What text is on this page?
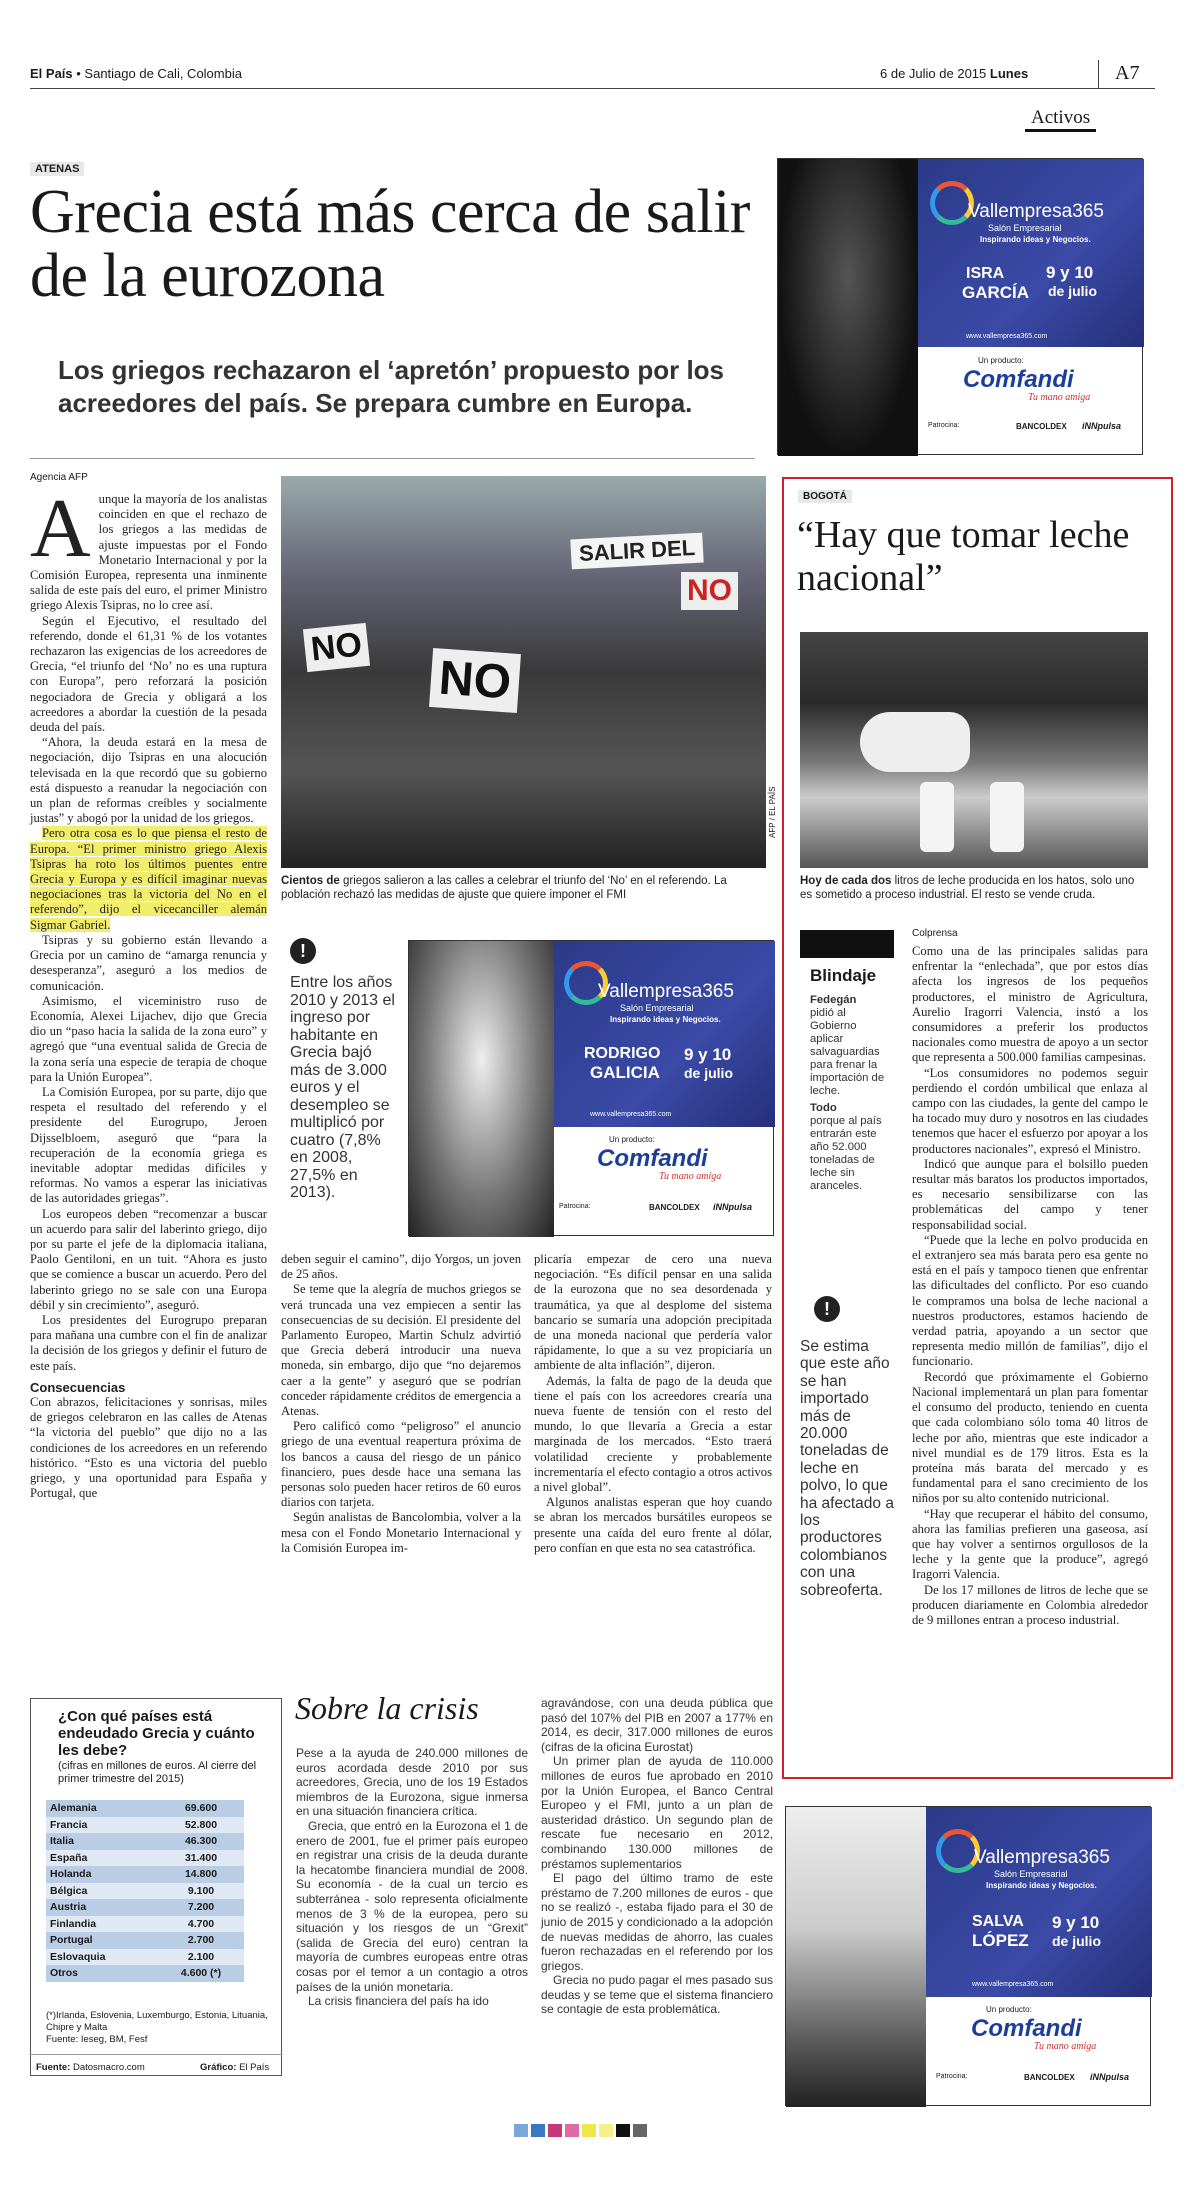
El País • Santiago de Cali, Colombia	6 de Julio de 2015 Lunes	A7
Activos
ATENAS
Grecia está más cerca de salir de la eurozona
Los griegos rechazaron el ‘apretón’ propuesto por los acreedores del país. Se prepara cumbre en Europa.
Vallempresa365
Salón Empresarial
Inspirando ideas y Negocios.
ISRA
GARCÍA
9 y 10
de julio
www.vallempresa365.com
Un producto:
Comfandi
Tu mano amiga
Patrocina:	BANCOLDEX iNNpulsa
Agencia AFP
A unque la mayoría de los analistas coinciden en que el rechazo de los griegos a las medidas de ajuste impuestas por el Fondo Monetario Internacional y por la Comisión Europea, representa una inminente salida de este país del euro, el primer Ministro griego Alexis Tsipras, no lo cree así.

Según el Ejecutivo, el resultado del referendo, donde el 61,31 % de los votantes rechazaron las exigencias de los acreedores de Grecia, “el triunfo del ‘No’ no es una ruptura con Europa”, pero reforzará la posición negociadora de Grecia y obligará a los acreedores a abordar la cuestión de la pesada deuda del país.

“Ahora, la deuda estará en la mesa de negociación, dijo Tsipras en una alocución televisada en la que recordó que su gobierno está dispuesto a reanudar la negociación con un plan de reformas creíbles y socialmente justas” y abogó por la unidad de los griegos.

Pero otra cosa es lo que piensa el resto de Europa. “El primer ministro griego Alexis Tsipras ha roto los últimos puentes entre Grecia y Europa y es difícil imaginar nuevas negociaciones tras la victoria del No en el referendo”, dijo el vicecanciller alemán Sigmar Gabriel.

Tsipras y su gobierno están llevando a Grecia por un camino de “amarga renuncia y desesperanza”, aseguró a los medios de comunicación.

Asimismo, el viceministro ruso de Economía, Alexei Lijachev, dijo que Grecia dio un “paso hacia la salida de la zona euro” y agregó que “una eventual salida de Grecia de la zona sería una especie de terapia de choque para la Unión Europea”.

La Comisión Europea, por su parte, dijo que respeta el resultado del referendo y el presidente del Eurogrupo, Jeroen Dijsselbloem, aseguró que “para la recuperación de la economía griega es inevitable adoptar medidas difíciles y reformas. No vamos a esperar las iniciativas de las autoridades griegas”.

Los europeos deben “recomenzar a buscar un acuerdo para salir del laberinto griego, dijo por su parte el jefe de la diplomacia italiana, Paolo Gentiloni, en un tuit. “Ahora es justo que se comience a buscar un acuerdo. Pero del laberinto griego no se sale con una Europa débil y sin crecimiento”, aseguró.

Los presidentes del Eurogrupo preparan para mañana una cumbre con el fin de analizar la decisión de los griegos y definir el futuro de este país.

Consecuencias

Con abrazos, felicitaciones y sonrisas, miles de griegos celebraron en las calles de Atenas “la victoria del pueblo” que dijo no a las condiciones de los acreedores en un referendo histórico. “Esto es una victoria del pueblo griego, y una oportunidad para España y Portugal, que

NO
NO
NO
SALIR DEL
AFP / EL PAÍS
Cientos de griegos salieron a las calles a celebrar el triunfo del ‘No’ en el referendo. La población rechazó las medidas de ajuste que quiere imponer el FMI
!
Entre los años 2010 y 2013 el ingreso por habitante en Grecia bajó más de 3.000 euros y el desempleo se multiplicó por cuatro (7,8% en 2008, 27,5% en 2013).
Vallempresa365
Salón Empresarial
Inspirando ideas y Negocios.
RODRIGO
GALICIA
9 y 10
de julio
www.vallempresa365.com
Un producto:
Comfandi
Tu mano amiga
Patrocina:	BANCOLDEX iNNpulsa

deben seguir el camino”, dijo Yorgos, un joven de 25 años.

Se teme que la alegría de muchos griegos se verá truncada una vez empiecen a sentir las consecuencias de su decisión. El presidente del Parlamento Europeo, Martin Schulz advirtió que Grecia deberá introducir una nueva moneda, sin embargo, dijo que “no dejaremos caer a la gente” y aseguró que se podrían conceder rápidamente créditos de emergencia a Atenas.

Pero calificó como “peligroso” el anuncio griego de una eventual reapertura próxima de los bancos a causa del riesgo de un pánico financiero, pues desde hace una semana las personas solo pueden hacer retiros de 60 euros diarios con tarjeta.

Según analistas de Bancolombia, volver a la mesa con el Fondo Monetario Internacional y la Comisión Europea im-

plicaría empezar de cero una nueva negociación. “Es difícil pensar en una salida de la eurozona que no sea desordenada y traumática, ya que al desplome del sistema bancario se sumaría una adopción precipitada de una moneda nacional que perdería valor rápidamente, lo que a su vez propiciaría un ambiente de alta inflación”, dijeron.

Además, la falta de pago de la deuda que tiene el país con los acreedores crearía una nueva fuente de tensión con el resto del mundo, lo que llevaría a Grecia a estar marginada de los mercados. “Esto traerá volatilidad creciente y probablemente incrementaría el efecto contagio a otros activos a nivel global”.

Algunos analistas esperan que hoy cuando se abran los mercados bursátiles europeos se presente una caída del euro frente al dólar, pero confían en que esta no sea catastrófica.

BOGOTÁ
“Hay que tomar leche nacional”
Hoy de cada dos litros de leche producida en los hatos, solo uno es sometido a proceso industrial. El resto se vende cruda.
Blindaje
Fedegán
pidió al Gobierno aplicar salvaguardias para frenar la importación de leche.
Todo
porque al país entrarán este año 52.000 toneladas de leche sin aranceles.
!
Se estima que este año se han importado más de 20.000 toneladas de leche en polvo, lo que ha afectado a los productores colombianos con una sobreoferta.
Colprensa

Como una de las principales salidas para enfrentar la “enlechada”, que por estos días afecta los ingresos de los pequeños productores, el ministro de Agricultura, Aurelio Iragorri Valencia, instó a los consumidores a preferir los productos nacionales como muestra de apoyo a un sector que representa a 500.000 familias campesinas.

“Los consumidores no podemos seguir perdiendo el cordón umbilical que enlaza al campo con las ciudades, la gente del campo le ha tocado muy duro y nosotros en las ciudades tenemos que hacer el esfuerzo por apoyar a los productores nacionales”, expresó el Ministro.

Indicó que aunque para el bolsillo pueden resultar más baratos los productos importados, es necesario sensibilizarse con las problemáticas del campo y tener responsabilidad social.

“Puede que la leche en polvo producida en el extranjero sea más barata pero esa gente no está en el país y tampoco tienen que enfrentar las dificultades del conflicto. Por eso cuando le compramos una bolsa de leche nacional a nuestros productores, estamos haciendo de verdad patria, apoyando a un sector que representa medio millón de familias”, dijo el funcionario.

Recordó que próximamente el Gobierno Nacional implementará un plan para fomentar el consumo del producto, teniendo en cuenta que cada colombiano sólo toma 40 litros de leche por año, mientras que este indicador a nivel mundial es de 179 litros. Esta es la proteína más barata del mercado y es fundamental para el sano crecimiento de los niños por su alto contenido nutricional.

“Hay que recuperar el hábito del consumo, ahora las familias prefieren una gaseosa, así que hay volver a sentirnos orgullosos de la leche y la gente que la produce”, agregó Iragorri Valencia.

De los 17 millones de litros de leche que se producen diariamente en Colombia alrededor de 9 millones entran a proceso industrial.

¿Con qué países está endeudado Grecia y cuánto les debe?
(cifras en millones de euros. Al cierre del primer trimestre del 2015)
Alemania	69.600
Francia	52.800
Italia	46.300
España	31.400
Holanda	14.800
Bélgica	9.100
Austria	7.200
Finlandia	4.700
Portugal	2.700
Eslovaquia	2.100
Otros	4.600 (*)
(*)Irlanda, Eslovenia, Luxemburgo, Estonia, Lituania, Chipre y Malta
Fuente: Ieseg, BM, Fesf
Fuente: Datosmacro.com	Gráfico: El País
Sobre la crisis

Pese a la ayuda de 240.000 millones de euros acordada desde 2010 por sus acreedores, Grecia, uno de los 19 Estados miembros de la Eurozona, sigue inmersa en una situación financiera crítica.

Grecia, que entró en la Eurozona el 1 de enero de 2001, fue el primer país europeo en registrar una crisis de la deuda durante la hecatombe financiera mundial de 2008. Su economía - de la cual un tercio es subterránea - solo representa oficialmente menos de 3 % de la europea, pero su situación y los riesgos de un “Grexit” (salida de Grecia del euro) centran la mayoría de cumbres europeas entre otras cosas por el temor a un contagio a otros países de la unión monetaria.

La crisis financiera del país ha ido

agravándose, con una deuda pública que pasó del 107% del PIB en 2007 a 177% en 2014, es decir, 317.000 millones de euros (cifras de la oficina Eurostat)

Un primer plan de ayuda de 110.000 millones de euros fue aprobado en 2010 por la Unión Europea, el Banco Central Europeo y el FMI, junto a un plan de austeridad drástico. Un segundo plan de rescate fue necesario en 2012, combinando 130.000 millones de préstamos suplementarios

El pago del último tramo de este préstamo de 7.200 millones de euros - que no se realizó -, estaba fijado para el 30 de junio de 2015 y condicionado a la adopción de nuevas medidas de ahorro, las cuales fueron rechazadas en el referendo por los griegos.

Grecia no pudo pagar el mes pasado sus deudas y se teme que el sistema financiero se contagie de esta problemática.

Vallempresa365
Salón Empresarial
Inspirando ideas y Negocios.
SALVA
LÓPEZ
9 y 10
de julio
www.vallempresa365.com
Un producto:
Comfandi
Tu mano amiga
Patrocina:	BANCOLDEX iNNpulsa
